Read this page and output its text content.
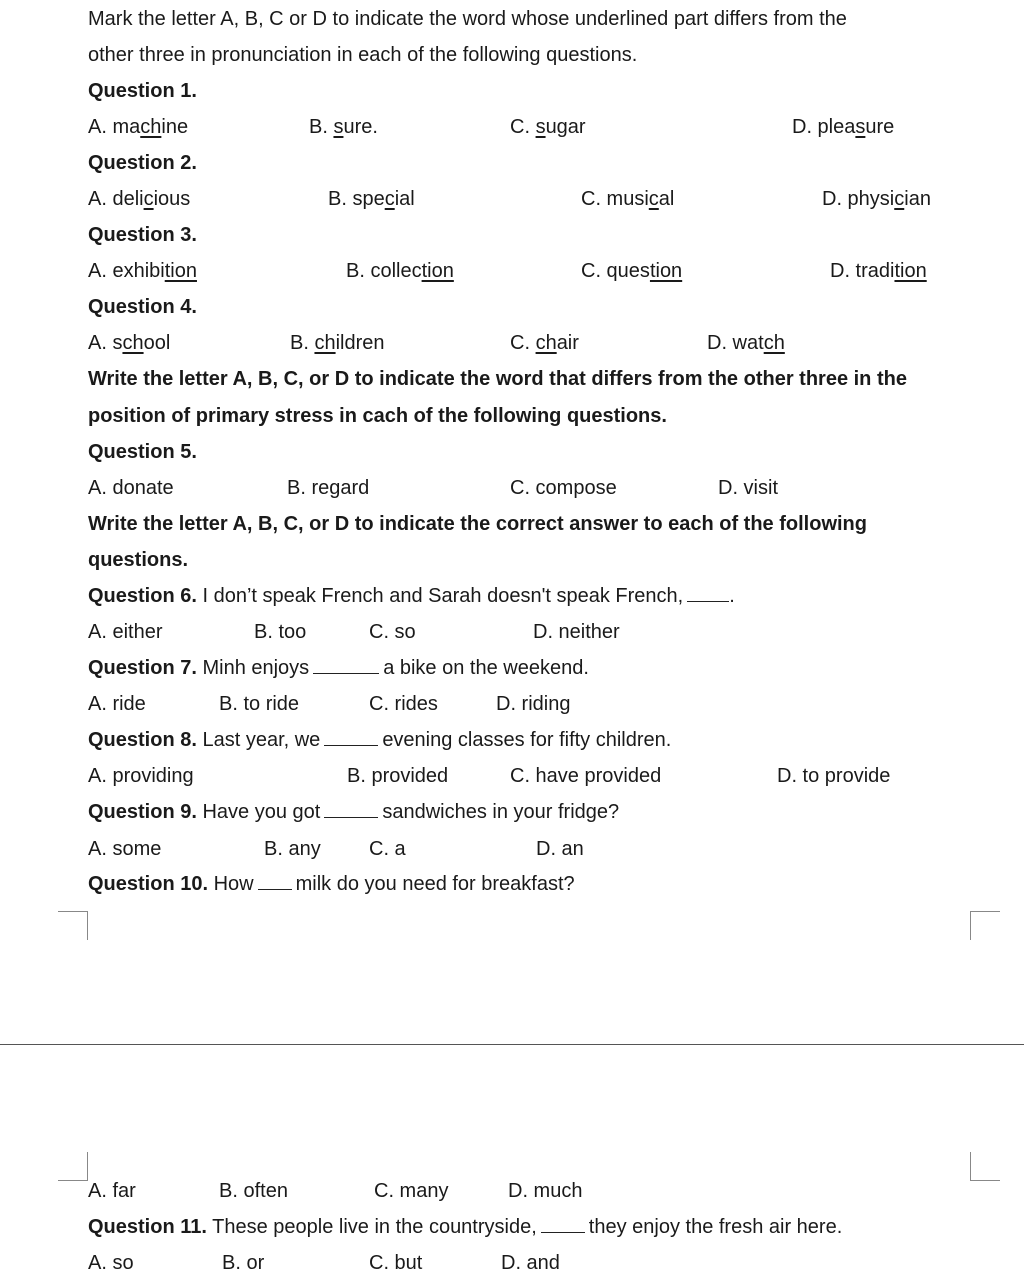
Mark the letter A, B, C or D to indicate the word whose underlined part differs from the
other three in pronunciation in each of the following questions.
Question 1.
A. machine	B. sure.	C. sugar	D. pleasure
Question 2.
A. delicious	B. special	C. musical	D. physician
Question 3.
A. exhibition	B. collection	C. question	D. tradition
Question 4.
A. school	B. children	C. chair	D. watch
Write the letter A, B, C, or D to indicate the word that differs from the other three in the
position of primary stress in cach of the following questions.
Question 5.
A. donate	B. regard	C. compose	D. visit
Write the letter A, B, C, or D to indicate the correct answer to each of the following
questions.
Question 6. I don’t speak French and Sarah doesn't speak French, .
A. either	B. too	C. so	D. neither
Question 7. Minh enjoys	a bike on the weekend.
A. ride	B. to ride	C. rides	D. riding
Question 8. Last year, we	evening classes for fifty children.
A. providing	B. provided	C. have provided	D. to provide
Question 9. Have you got	sandwiches in your fridge?
A. some	B. any C. a	D. an
Question 10. How milk do you need for breakfast?
A. far	B. often	C. many	D. much
Question 11. These people live in the countryside,	they enjoy the fresh air here.
A. so	B. or	C. but	D. and
